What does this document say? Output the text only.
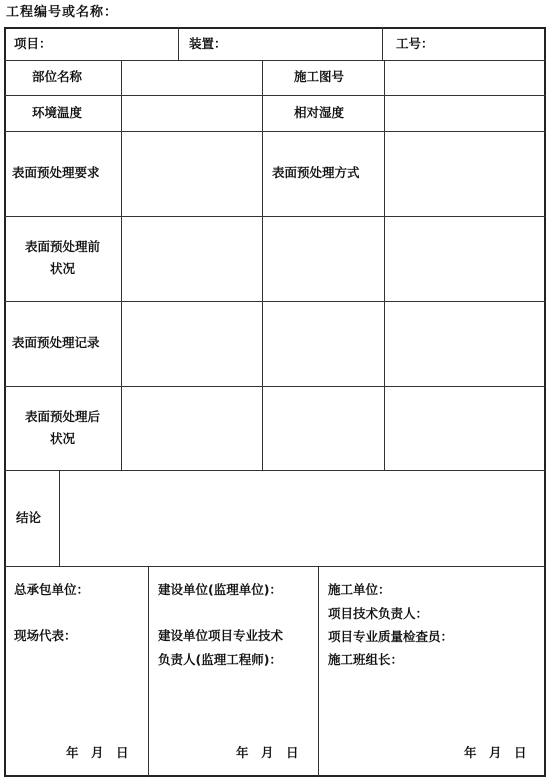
工程编号或名称：
项目：	装置：	工号：
部位名称	施工图号
环境温度	相对湿度
表面预处理要求	表面预处理方式
表面预处理前
状况
表面预处理记录
表面预处理后
状况
结论
总承包单位：
现场代表：
年　月　日
建设单位(监理单位)：
建设单位项目专业技术
负责人(监理工程师)：
年　月　日
施工单位：
项目技术负责人：
项目专业质量检查员：
施工班组长：
年　月　日
